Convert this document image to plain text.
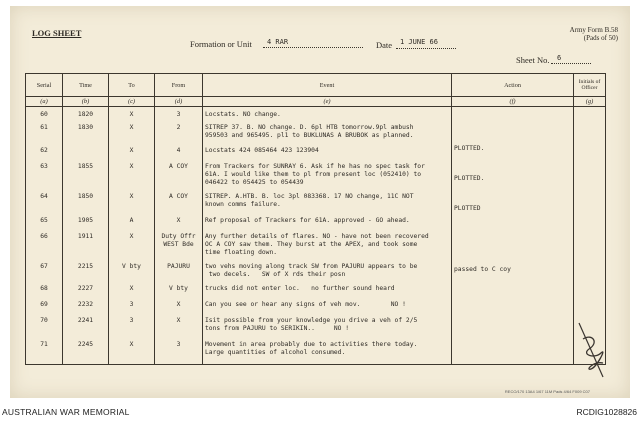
LOG SHEET	Army Form B.58
(Pads of 50)
Formation or Unit 4 RAR	Date 1 JUNE 66
Sheet No. 6
RECO/170 13A4 1/67 11M Pads 4/64 F009 C07
Serial	Time	To	From	Event	Action	Initials of Officer
(a)	(b)	(c)	(d)	(e)	(f)	(g)
60	1820	X	3	Locstats. NO change.		
61	1830	X	2	SITREP 37. B. NO change. D. 6pl HTB tomorrow.9pl ambush
959503 and 965495. pl1 to BUKLUNAS A BRUBOK as planned.		
62		X	4	Locstats 424 085464 423 123904	PLOTTED.	
63	1855	X	A COY	From Trackers for SUNRAY 6. Ask if he has no spec task for
61A. I would like them to pl from present loc (052410) to
046422 to 054425 to 054439	PLOTTED.	
64	1850	X	A COY	SITREP. A.HTB. B. loc 3pl 083368. 17 NO change, 11C NOT
known comms failure.	PLOTTED	
65	1905	A	X	Ref proposal of Trackers for 61A. approved - GO ahead.		
66	1911	X	Duty Offr
WEST Bde	Any further details of flares. NO - have not been recovered
OC A COY saw them. They burst at the APEX, and took some
time floating down.		
67	2215	V bty	PAJURU	two vehs moving along track SW from PAJURU appears to be
two decels.   SW of X rds their posn	passed to C coy	
68	2227	X	V bty	trucks did not enter loc.   no further sound heard		
69	2232	3	X	Can you see or hear any signs of veh mov.        NO !		
70	2241	3	X	Isit possible from your knowledge you drive a veh of 2/5
tons from PAJURU to SERIKIN..     NO !		
71	2245	X	3	Movement in area probably due to activities there today.
Large quantities of alcohol consumed.		

AUSTRALIAN WAR MEMORIAL	RCDIG1028826
